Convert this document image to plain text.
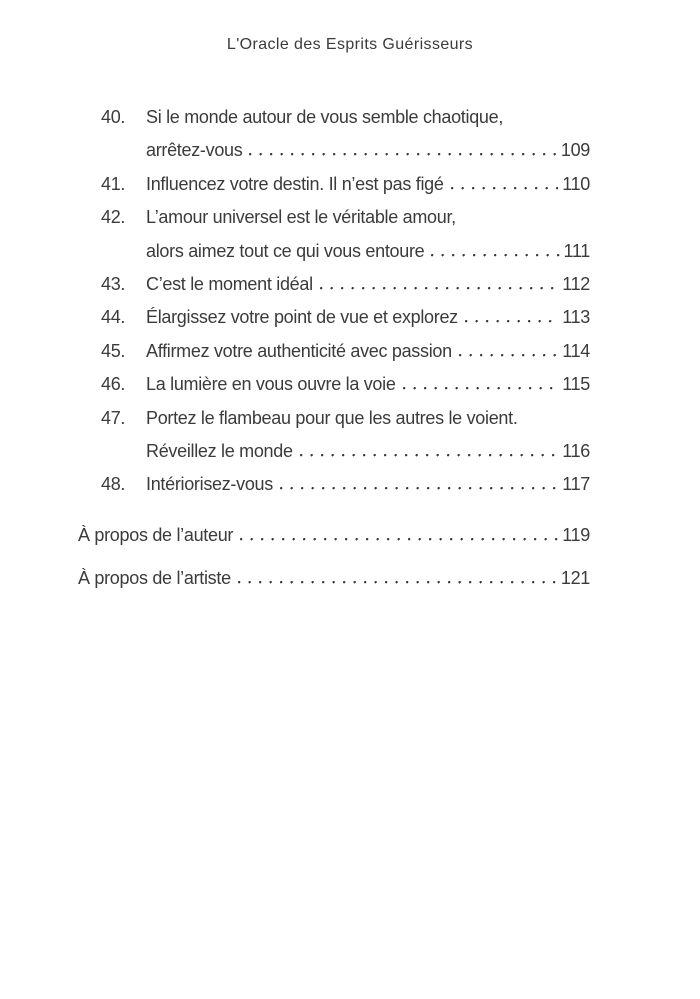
L'Oracle des Esprits Guérisseurs
40.	Si le monde autour de vous semble chaotique,
arrêtez-vous	109
41.	Influencez votre destin. Il n’est pas figé	110
42.	L’amour universel est le véritable amour,
alors aimez tout ce qui vous entoure	111
43.	C’est le moment idéal	112
44.	Élargissez votre point de vue et explorez	113
45.	Affirmez votre authenticité avec passion	114
46.	La lumière en vous ouvre la voie	115
47.	Portez le flambeau pour que les autres le voient.
Réveillez le monde	116
48.	Intériorisez-vous	117
À propos de l’auteur	119
À propos de l’artiste	121
